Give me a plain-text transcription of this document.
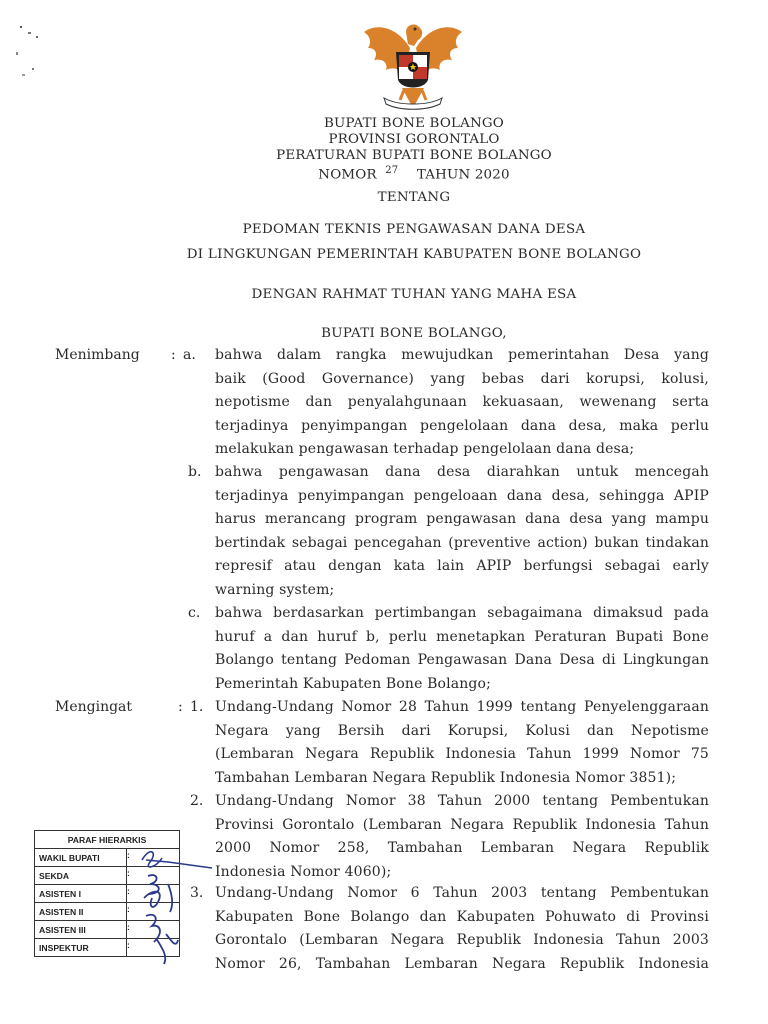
BUPATI BONE BOLANGO
PROVINSI GORONTALO
PERATURAN BUPATI BONE BOLANGO
NOMOR $^{27}$ TAHUN 2020
TENTANG
PEDOMAN TEKNIS PENGAWASAN DANA DESA
DI LINGKUNGAN PEMERINTAH KABUPATEN BONE BOLANGO
DENGAN RAHMAT TUHAN YANG MAHA ESA
BUPATI BONE BOLANGO,
Menimbang : a. bahwa dalam rangka mewujudkan pemerintahan Desa yang
baik (Good Governance) yang bebas dari korupsi, kolusi,
nepotisme dan penyalahgunaan kekuasaan, wewenang serta
terjadinya penyimpangan pengelolaan dana desa, maka perlu
melakukan pengawasan terhadap pengelolaan dana desa;
b. bahwa pengawasan dana desa diarahkan untuk mencegah
terjadinya penyimpangan pengeloaan dana desa, sehingga APIP
harus merancang program pengawasan dana desa yang mampu
bertindak sebagai pencegahan (preventive action) bukan tindakan
represif atau dengan kata lain APIP berfungsi sebagai early
warning system;
c. bahwa berdasarkan pertimbangan sebagaimana dimaksud pada
huruf a dan huruf b, perlu menetapkan Peraturan Bupati Bone
Bolango tentang Pedoman Pengawasan Dana Desa di Lingkungan
Pemerintah Kabupaten Bone Bolango;
Mengingat	: 1. Undang-Undang Nomor 28 Tahun 1999 tentang Penyelenggaraan
Negara yang Bersih dari Korupsi, Kolusi dan Nepotisme
(Lembaran Negara Republik Indonesia Tahun 1999 Nomor 75
Tambahan Lembaran Negara Republik Indonesia Nomor 3851);
2. Undang-Undang Nomor 38 Tahun 2000 tentang Pembentukan
Provinsi Gorontalo (Lembaran Negara Republik Indonesia Tahun
2000 Nomor 258, Tambahan Lembaran Negara Republik
Indonesia Nomor 4060);
3. Undang-Undang Nomor 6 Tahun 2003 tentang Pembentukan
Kabupaten Bone Bolango dan Kabupaten Pohuwato di Provinsi
Gorontalo (Lembaran Negara Republik Indonesia Tahun 2003
Nomor 26, Tambahan Lembaran Negara Republik Indonesia
PARAF HIERARKIS	
WAKIL BUPATI	:

SEKDA	:

ASISTEN I	:

ASISTEN II	:

ASISTEN III	:

INSPEKTUR	:
